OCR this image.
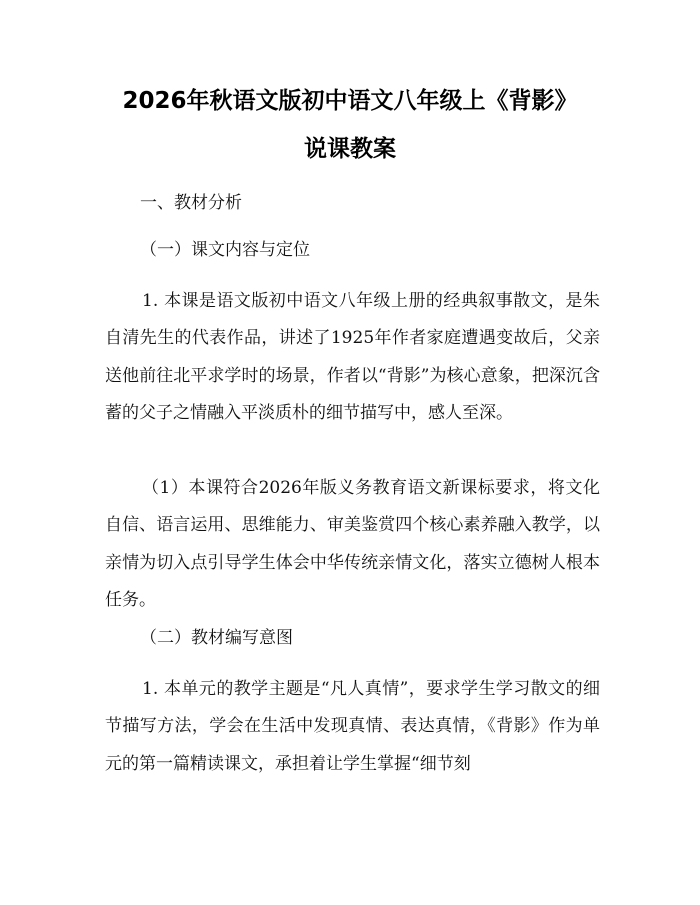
2026年秋语文版初中语文八年级上《背影》
说课教案
一、教材分析
（一）课文内容与定位

1. 本课是语文版初中语文八年级上册的经典叙事散文，是朱自清先生的代表作品，讲述了1925年作者家庭遭遇变故后，父亲送他前往北平求学时的场景，作者以“背影”为核心意象，把深沉含蓄的父子之情融入平淡质朴的细节描写中，感人至深。

（1）本课符合2026年版义务教育语文新课标要求，将文化自信、语言运用、思维能力、审美鉴赏四个核心素养融入教学，以亲情为切入点引导学生体会中华传统亲情文化，落实立德树人根本任务。

（二）教材编写意图

1. 本单元的教学主题是“凡人真情”，要求学生学习散文的细节描写方法，学会在生活中发现真情、表达真情，《背影》作为单元的第一篇精读课文，承担着让学生掌握“细节刻
